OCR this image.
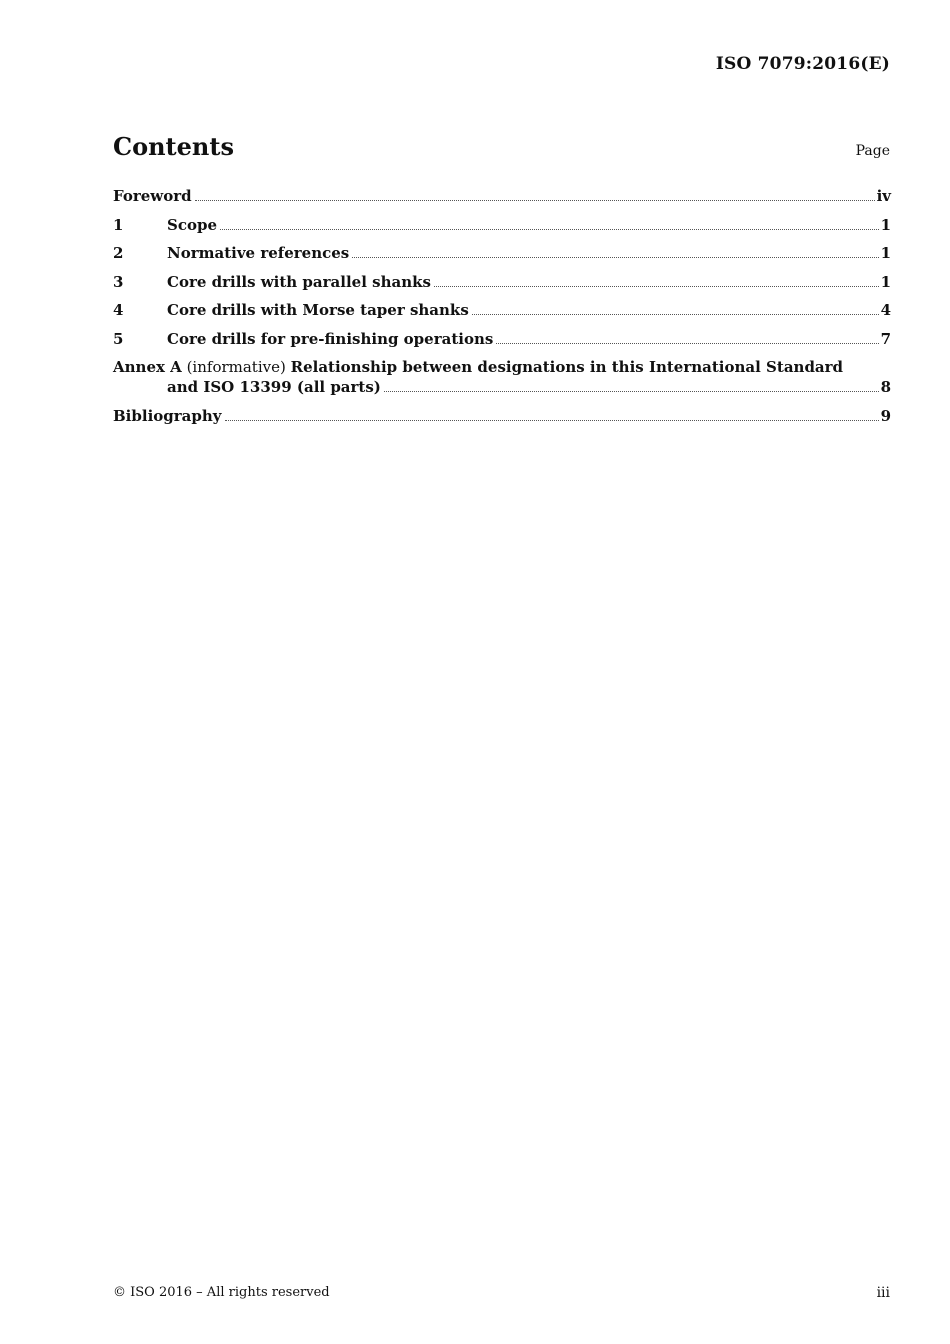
ISO 7079:2016(E)
Contents	Page
Foreword	iv
1	Scope	1
2	Normative references	1
3	Core drills with parallel shanks	1
4	Core drills with Morse taper shanks	4
5	Core drills for pre-finishing operations	7
Annex A (informative) Relationship between designations in this International Standard
and ISO 13399 (all parts)	8
Bibliography	9
© ISO 2016 – All rights reserved	iii
